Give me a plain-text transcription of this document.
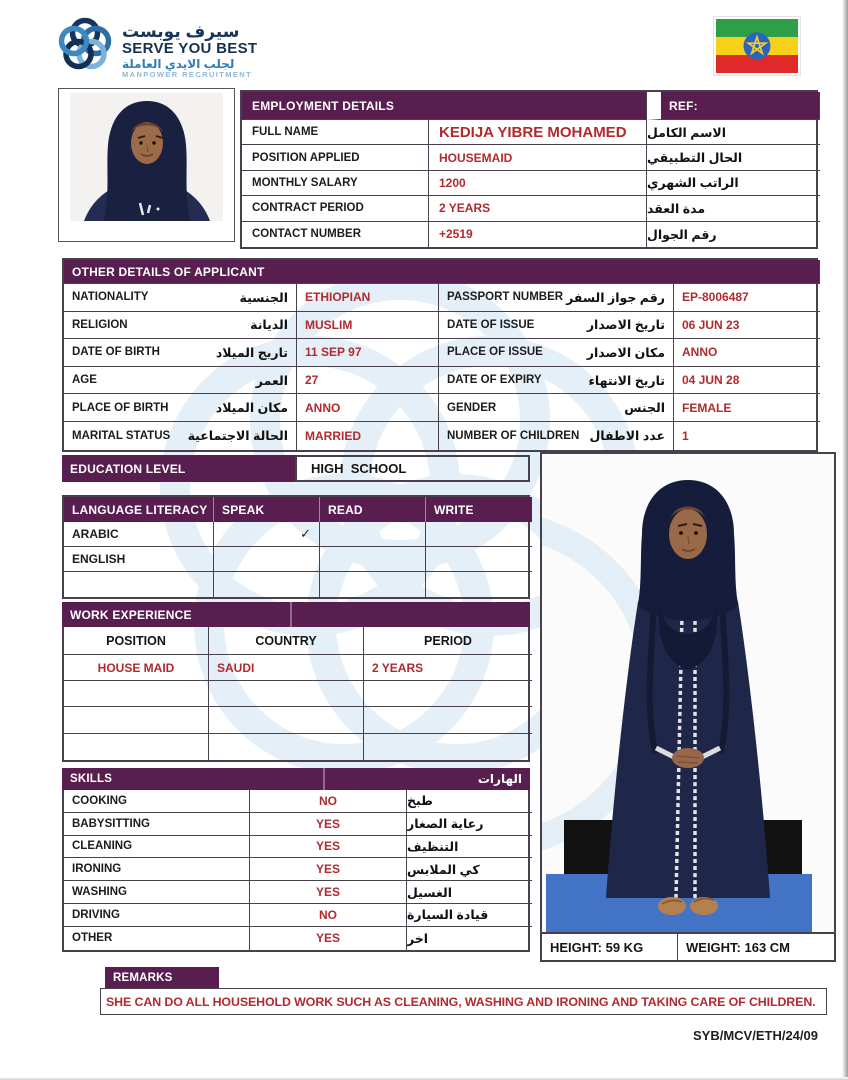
سيرف يوبست
SERVE YOU BEST
لجلب الايدي العاملة
MANPOWER RECRUITMENT
EMPLOYMENT DETAILS	REF:
FULL NAME	KEDIJA YIBRE MOHAMED	الاسم الكامل
POSITION APPLIED	HOUSEMAID	الحال التطبيقي
MONTHLY SALARY	1200	الراتب الشهري
CONTRACT PERIOD	2 YEARS	مدة العقد
CONTACT NUMBER	+2519	رقم الجوال
OTHER DETAILS OF APPLICANT
NATIONALITY	الجنسية	ETHIOPIAN	PASSPORT NUMBER رقم جواز السفر	EP-8006487
RELIGION	الديانة	MUSLIM	DATE OF ISSUE	تاريخ الاصدار	06 JUN 23
DATE OF BIRTH	تاريج الميلاد	11 SEP 97	PLACE OF ISSUE	مكان الاصدار	ANNO
AGE	العمر	27	DATE OF EXPIRY	تاريخ الانتهاء	04 JUN 28
PLACE OF BIRTH	مكان الميلاد	ANNO	GENDER	الجنس	FEMALE
MARITAL STATUS الحالة الاجتماعية	MARRIED	NUMBER OF CHILDREN عدد الاطفال	1
EDUCATION LEVEL	HIGH  SCHOOL
LANGUAGE LITERACY	SPEAK	READ	WRITE
ARABIC	✓
ENGLISH
WORK EXPERIENCE
POSITION	COUNTRY	PERIOD
HOUSE MAID	SAUDI	2 YEARS
SKILLS	الهارات
COOKING	NO	طبخ
BABYSITTING	YES	رعاية الصغار
CLEANING	YES	التنظيف
IRONING	YES	كي الملابس
WASHING	YES	الغسيل
DRIVING	NO	قيادة السيارة
OTHER	YES	اخر
HEIGHT: 59 KG	WEIGHT: 163 CM
REMARKS
SHE CAN DO ALL HOUSEHOLD WORK SUCH AS CLEANING, WASHING AND IRONING AND TAKING CARE OF CHILDREN.
SYB/MCV/ETH/24/09
